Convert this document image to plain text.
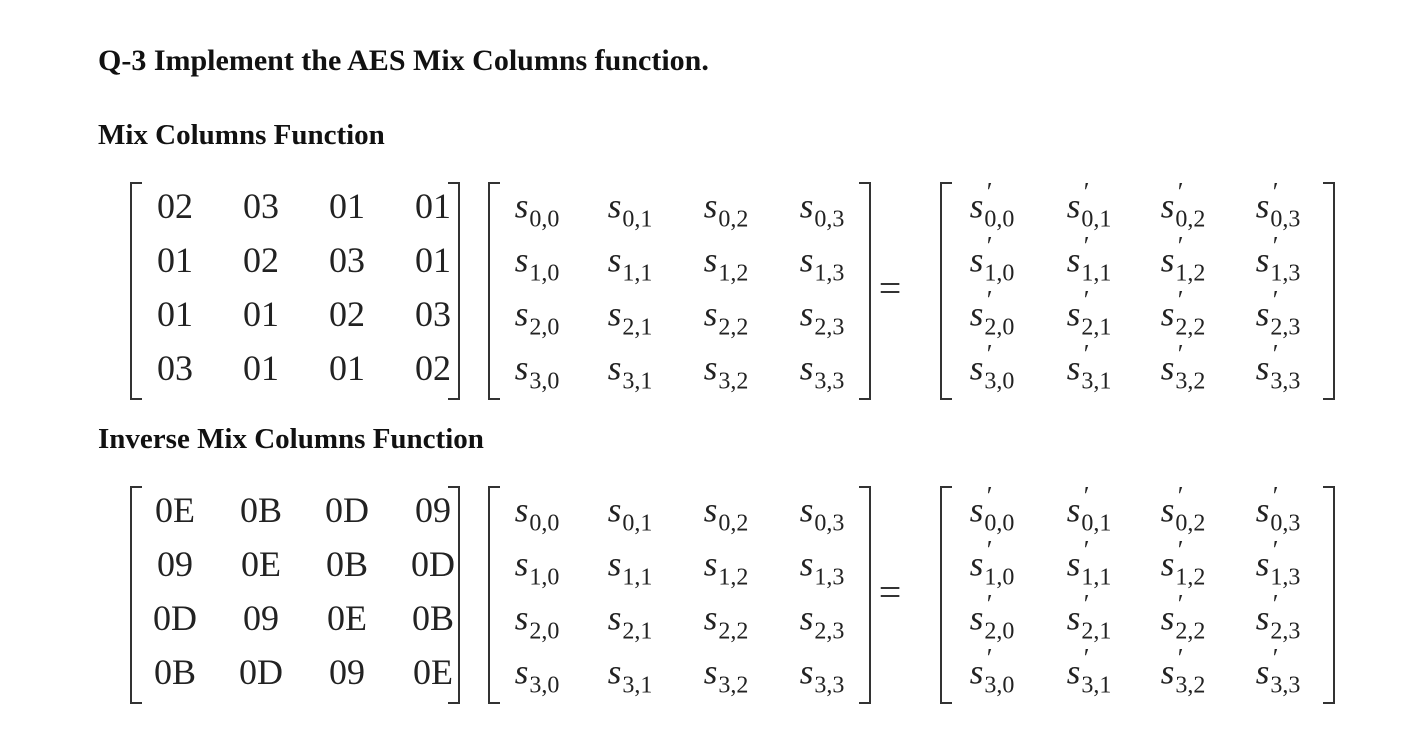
Q-3 Implement the AES Mix Columns function.
Mix Columns Function
Inverse Mix Columns Function
02 03 01 01
01 02 03 01
01 01 02 03
03 01 01 02
$s_{0,0}$ $s_{0,1}$ $s_{0,2}$ $s_{0,3}$
$s_{1,0}$ $s_{1,1}$ $s_{1,2}$ $s_{1,3}$
$s_{2,0}$ $s_{2,1}$ $s_{2,2}$ $s_{2,3}$
$s_{3,0}$ $s_{3,1}$ $s_{3,2}$ $s_{3,3}$
=
s ′
$_{0,0}$ s ′
$_{0,1}$ s ′
$_{0,2}$ s ′
$_{0,3}$
s ′
$_{1,0}$ s ′
$_{1,1}$ s ′
$_{1,2}$ s ′
$_{1,3}$
s ′
$_{2,0}$ s ′
$_{2,1}$ s ′
$_{2,2}$ s ′
$_{2,3}$
s ′
$_{3,0}$ s ′
$_{3,1}$ s ′
$_{3,2}$ s ′
$_{3,3}$
0E 0B 0D 09
09 0E 0B 0D
0D 09 0E 0B
0B 0D 09 0E
$s_{0,0}$ $s_{0,1}$ $s_{0,2}$ $s_{0,3}$
$s_{1,0}$ $s_{1,1}$ $s_{1,2}$ $s_{1,3}$
$s_{2,0}$ $s_{2,1}$ $s_{2,2}$ $s_{2,3}$
$s_{3,0}$ $s_{3,1}$ $s_{3,2}$ $s_{3,3}$
=
s ′
$_{0,0}$ s ′
$_{0,1}$ s ′
$_{0,2}$ s ′
$_{0,3}$
s ′
$_{1,0}$ s ′
$_{1,1}$ s ′
$_{1,2}$ s ′
$_{1,3}$
s ′
$_{2,0}$ s ′
$_{2,1}$ s ′
$_{2,2}$ s ′
$_{2,3}$
s ′
$_{3,0}$ s ′
$_{3,1}$ s ′
$_{3,2}$ s ′
$_{3,3}$
